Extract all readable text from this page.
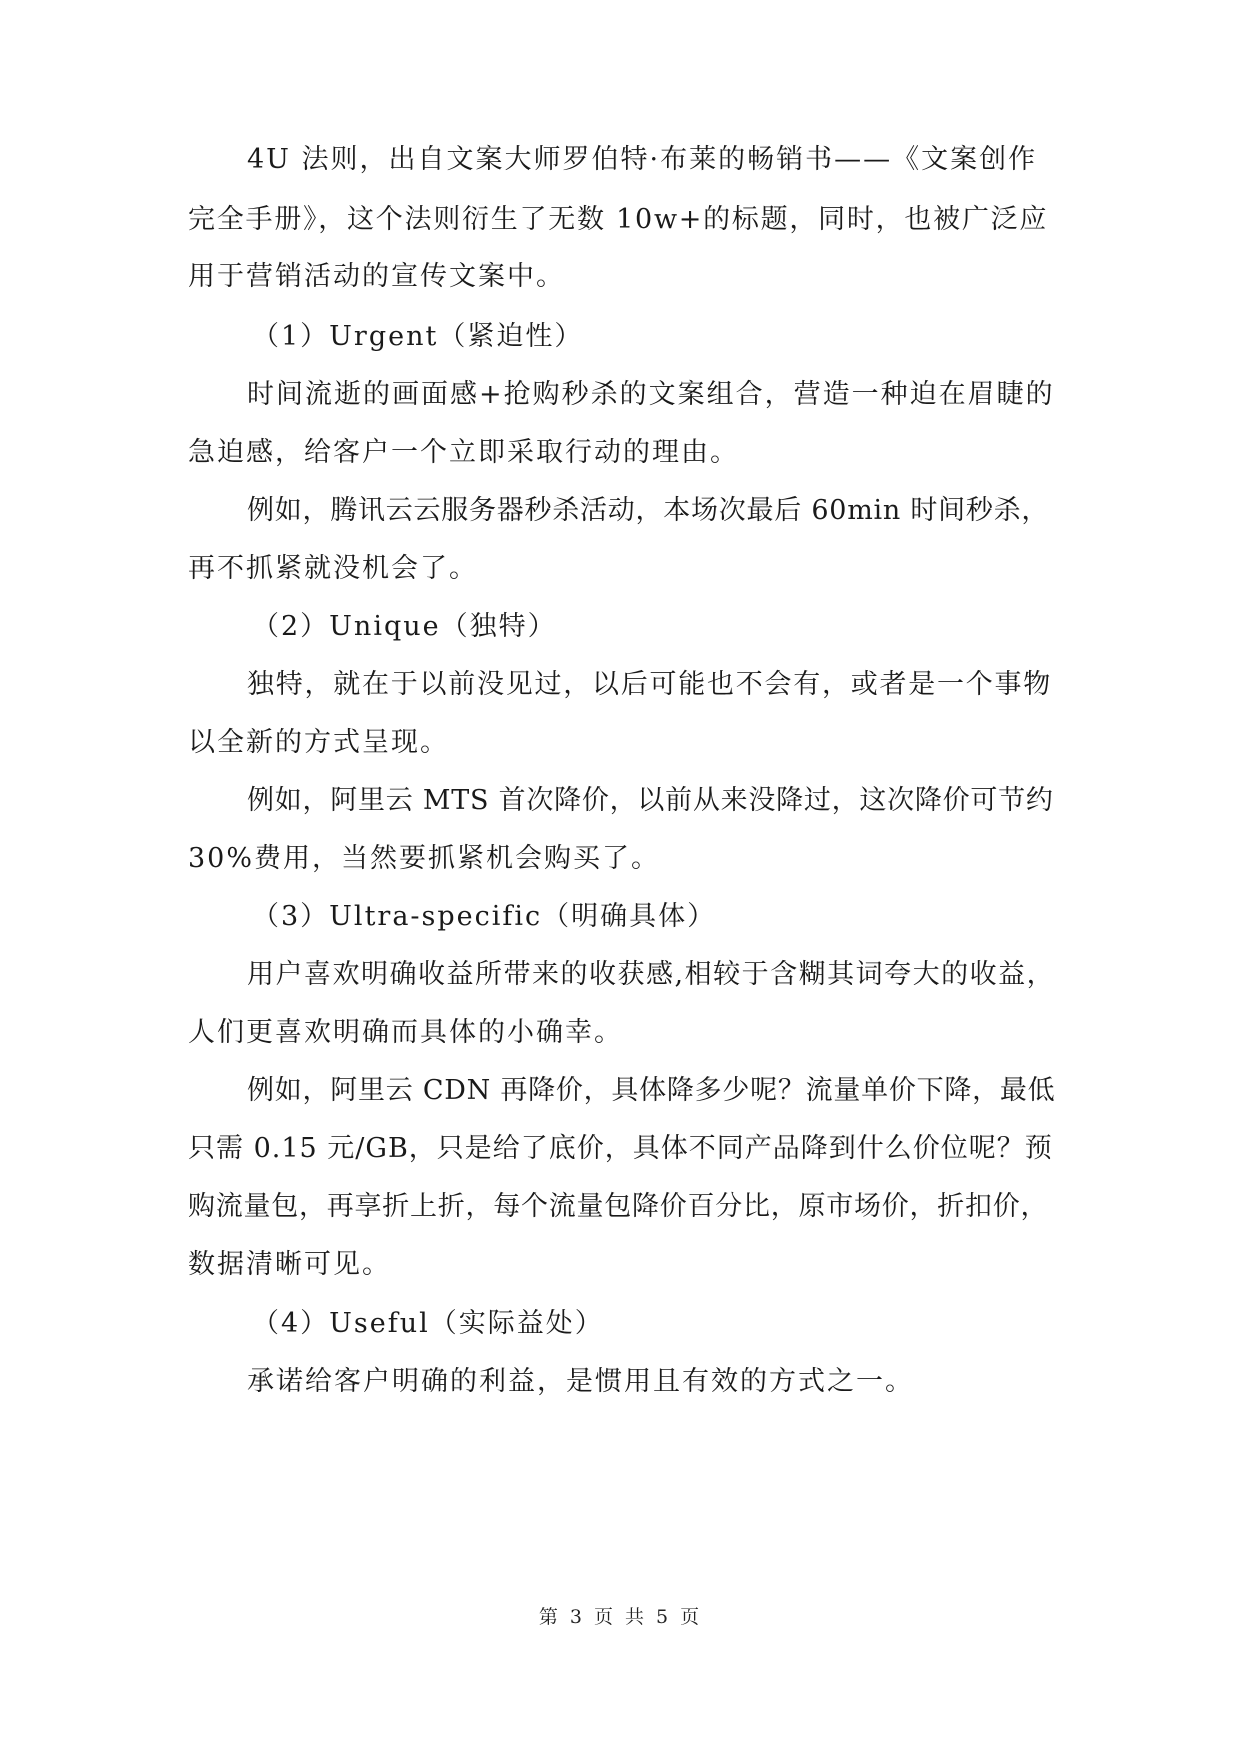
4U 法则，出自文案大师罗伯特·布莱的畅销书——《文案创作
完全手册》，这个法则衍生了无数 10w+的标题，同时，也被广泛应
用于营销活动的宣传文案中。
（1）Urgent（紧迫性）
时间流逝的画面感+抢购秒杀的文案组合，营造一种迫在眉睫的
急迫感，给客户一个立即采取行动的理由。
例如，腾讯云云服务器秒杀活动，本场次最后 60min 时间秒杀，
再不抓紧就没机会了。
（2）Unique（独特）
独特，就在于以前没见过，以后可能也不会有，或者是一个事物
以全新的方式呈现。
例如，阿里云 MTS 首次降价，以前从来没降过，这次降价可节约
30%费用，当然要抓紧机会购买了。
（3）Ultra-specific（明确具体）
用户喜欢明确收益所带来的收获感,相较于含糊其词夸大的收益，
人们更喜欢明确而具体的小确幸。
例如，阿里云 CDN 再降价，具体降多少呢？流量单价下降，最低
只需 0.15 元/GB，只是给了底价，具体不同产品降到什么价位呢？预
购流量包，再享折上折，每个流量包降价百分比，原市场价，折扣价，
数据清晰可见。
（4）Useful（实际益处）
承诺给客户明确的利益，是惯用且有效的方式之一。
第 3 页 共 5 页
